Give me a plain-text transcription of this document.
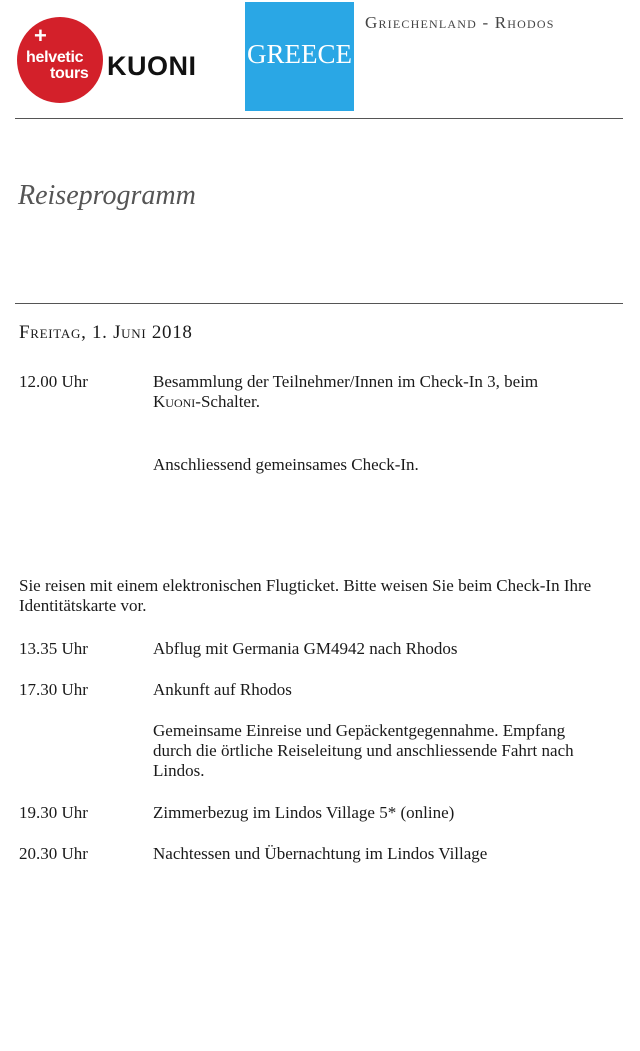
+
helvetic
tours KUONI GREECE
Griechenland - Rhodos
Reiseprogramm
Freitag, 1. Juni 2018
12.00 Uhr	Besammlung der Teilnehmer/Innen im Check-In 3, beim
Kuoni-Schalter.
Anschliessend gemeinsames Check-In.
Sie reisen mit einem elektronischen Flugticket. Bitte weisen Sie beim Check-In Ihre Identitätskarte vor.
13.35 Uhr	Abflug mit Germania GM4942 nach Rhodos
17.30 Uhr	Ankunft auf Rhodos
Gemeinsame Einreise und Gepäckentgegennahme. Empfang durch die örtliche Reiseleitung und anschliessende Fahrt nach Lindos.
19.30 Uhr	Zimmerbezug im Lindos Village 5* (online)
20.30 Uhr	Nachtessen und Übernachtung im Lindos Village
